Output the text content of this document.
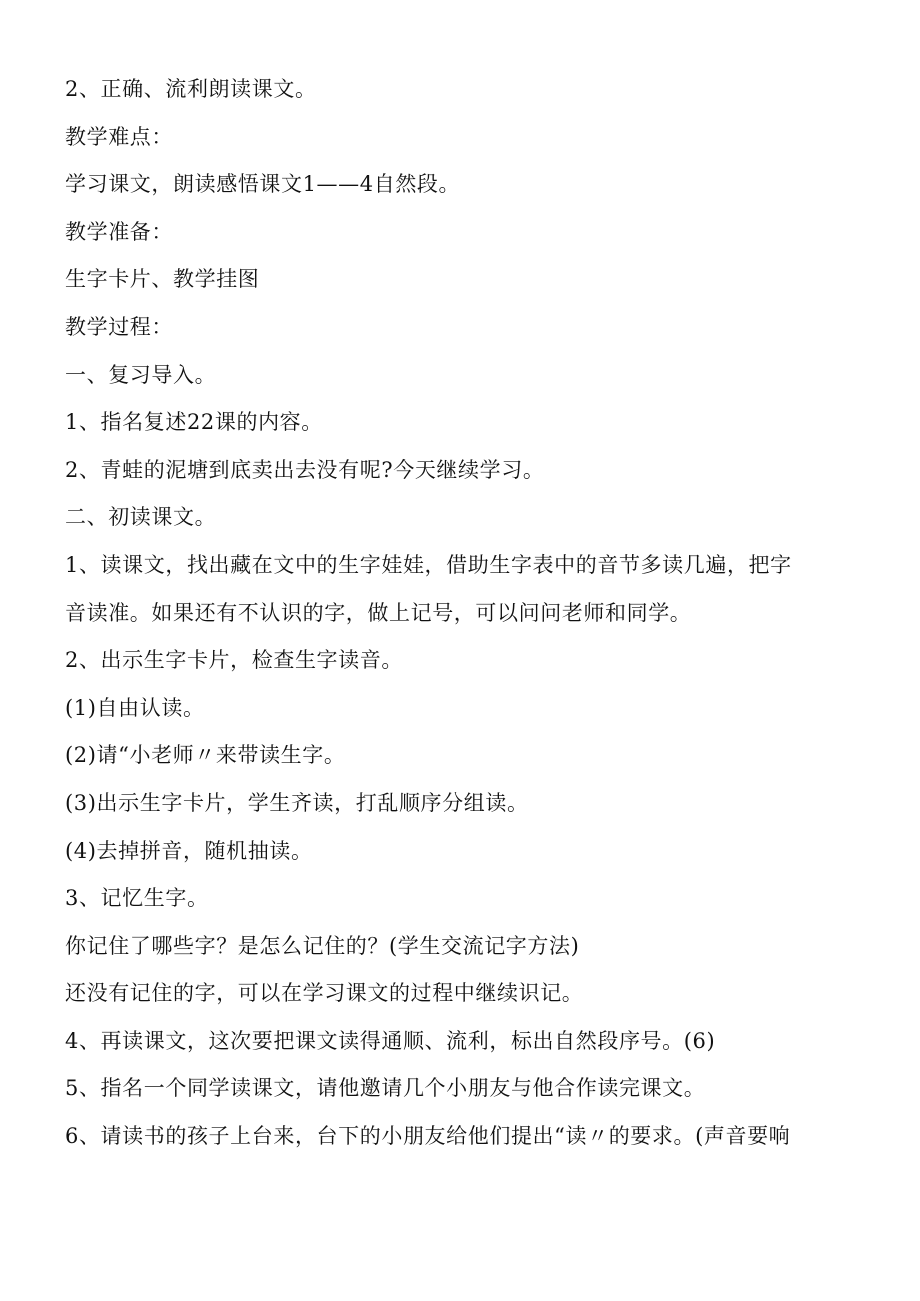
2、正确、流利朗读课文。
教学难点：
学习课文，朗读感悟课文1——4自然段。
教学准备：
生字卡片、教学挂图
教学过程：
一、复习导入。
1、指名复述22课的内容。
2、青蛙的泥塘到底卖出去没有呢?今天继续学习。
二、初读课文。
1、读课文，找出藏在文中的生字娃娃，借助生字表中的音节多读几遍，把字
音读准。如果还有不认识的字，做上记号，可以问问老师和同学。
2、出示生字卡片，检查生字读音。
(1)自由认读。
(2)请“小老师〃来带读生字。
(3)出示生字卡片，学生齐读，打乱顺序分组读。
(4)去掉拼音，随机抽读。
3、记忆生字。
你记住了哪些字？是怎么记住的？(学生交流记字方法)
还没有记住的字，可以在学习课文的过程中继续识记。
4、再读课文，这次要把课文读得通顺、流利，标出自然段序号。(6)
5、指名一个同学读课文，请他邀请几个小朋友与他合作读完课文。
6、请读书的孩子上台来，台下的小朋友给他们提出“读〃的要求。(声音要响
